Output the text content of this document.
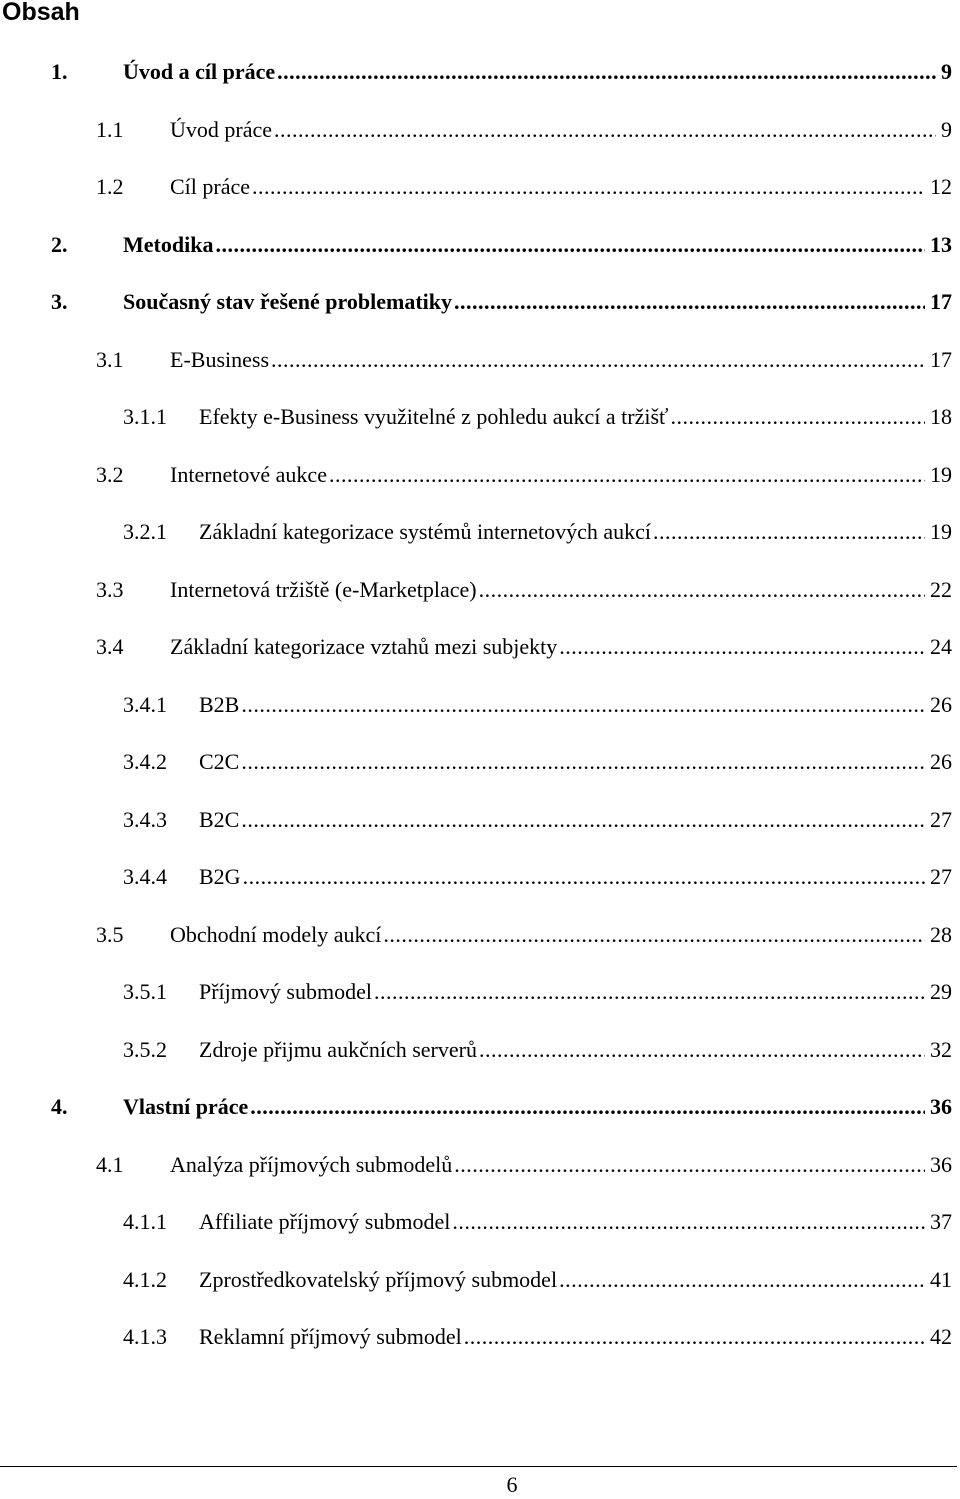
Obsah
1.	Úvod a cíl práce .....	9
1.1 Úvod práce .....	9
1.2 Cíl práce .....	12
2.	Metodika .....	13
3.	Současný stav řešené problematiky .....	17
3.1 E-Business .....	17
3.1.1 Efekty e-Business využitelné z pohledu aukcí a tržišť .....	18
3.2 Internetové aukce .....	19
3.2.1 Základní kategorizace systémů internetových aukcí .....	19
3.3 Internetová tržiště (e-Marketplace) .....	22
3.4 Základní kategorizace vztahů mezi subjekty .....	24
3.4.1 B2B .....	26
3.4.2 C2C .....	26
3.4.3 B2C .....	27
3.4.4 B2G .....	27
3.5 Obchodní modely aukcí .....	28
3.5.1 Příjmový submodel .....	29
3.5.2 Zdroje přijmu aukčních serverů .....	32
4.	Vlastní práce .....	36
4.1 Analýza příjmových submodelů .....	36
4.1.1 Affiliate příjmový submodel .....	37
4.1.2 Zprostředkovatelský příjmový submodel .....	41
4.1.3 Reklamní příjmový submodel .....	42
6
